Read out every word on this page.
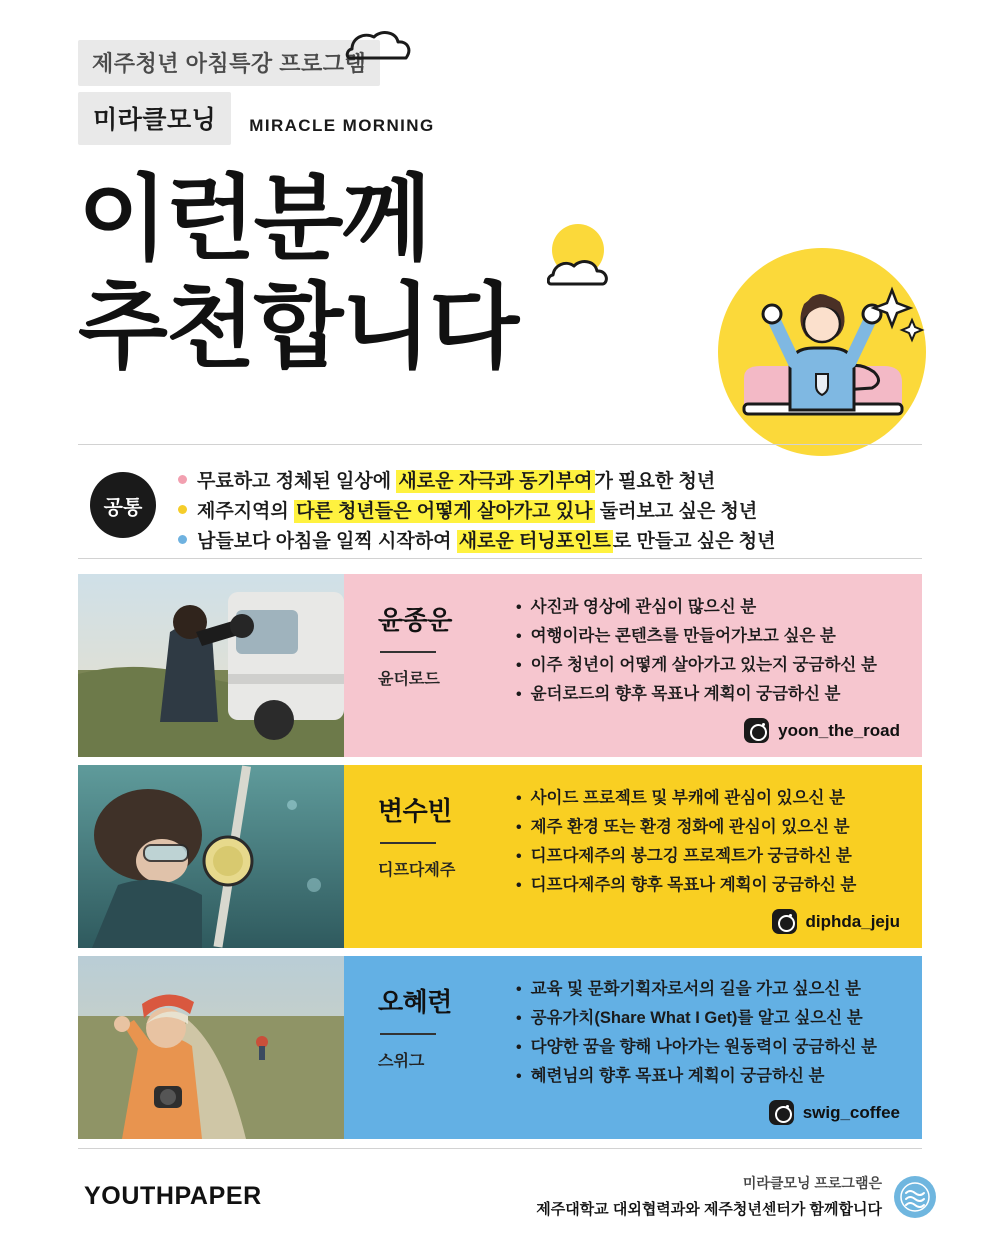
제주청년 아침특강 프로그램
미라클모닝	MIRACLE MORNING
이런분께
추천합니다
공통
무료하고 정체된 일상에 새로운 자극과 동기부여 가 필요한 청년
제주지역의 다른 청년들은 어떻게 살아가고 있나 둘러보고 싶은 청년
남들보다 아침을 일찍 시작하여 새로운 터닝포인트 로 만들고 싶은 청년
윤종운
윤더로드
• 사진과 영상에 관심이 많으신 분
• 여행이라는 콘텐츠를 만들어가보고 싶은 분
• 이주 청년이 어떻게 살아가고 있는지 궁금하신 분
• 윤더로드의 향후 목표나 계획이 궁금하신 분
yoon_the_road
변수빈
디프다제주
• 사이드 프로젝트 및 부캐에 관심이 있으신 분
• 제주 환경 또는 환경 정화에 관심이 있으신 분
• 디프다제주의 봉그깅 프로젝트가 궁금하신 분
• 디프다제주의 향후 목표나 계획이 궁금하신 분
diphda_jeju
오혜련
스위그
• 교육 및 문화기획자로서의 길을 가고 싶으신 분
• 공유가치(Share What I Get)를 알고 싶으신 분
• 다양한 꿈을 향해 나아가는 원동력이 궁금하신 분
• 혜련님의 향후 목표나 계획이 궁금하신 분
swig_coffee
YOUTHPAPER	미라클모닝 프로그램은
제주대학교 대외협력과와 제주청년센터가 함께합니다
